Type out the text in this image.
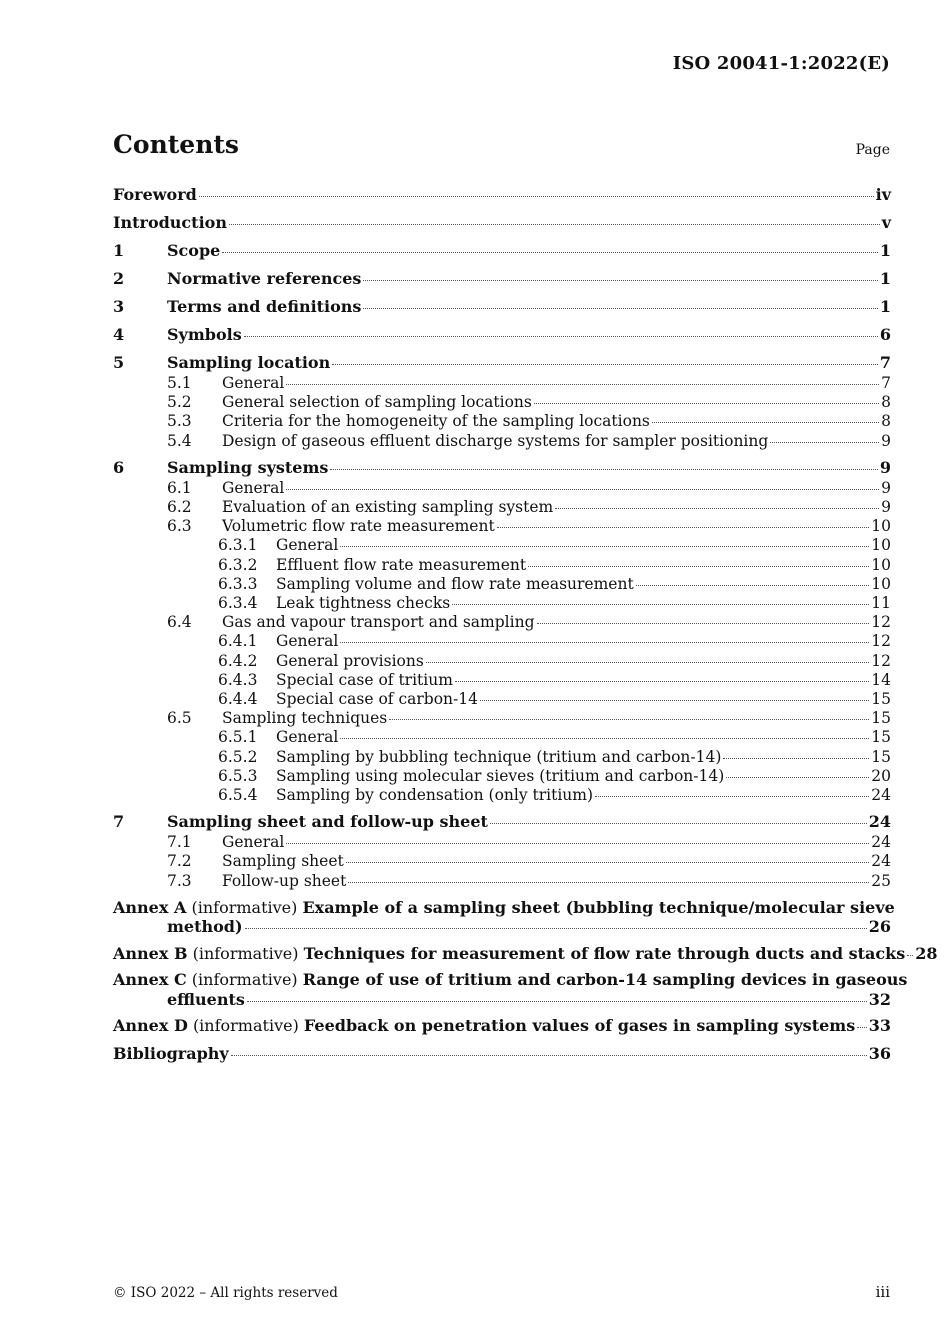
ISO 20041-1:2022(E)
Contents	Page
Foreword	iv
Introduction	v
1	Scope	1
2	Normative references	1
3	Terms and definitions	1
4	Symbols	6
5	Sampling location	7
5.1	General	7
5.2	General selection of sampling locations	8
5.3	Criteria for the homogeneity of the sampling locations	8
5.4	Design of gaseous effluent discharge systems for sampler positioning	9
6	Sampling systems	9
6.1	General	9
6.2	Evaluation of an existing sampling system	9
6.3	Volumetric flow rate measurement	10
6.3.1	General	10
6.3.2	Effluent flow rate measurement	10
6.3.3	Sampling volume and flow rate measurement	10
6.3.4	Leak tightness checks	11
6.4	Gas and vapour transport and sampling	12
6.4.1	General	12
6.4.2	General provisions	12
6.4.3	Special case of tritium	14
6.4.4	Special case of carbon-14	15
6.5	Sampling techniques	15
6.5.1	General	15
6.5.2	Sampling by bubbling technique (tritium and carbon-14)	15
6.5.3	Sampling using molecular sieves (tritium and carbon-14)	20
6.5.4	Sampling by condensation (only tritium)	24
7	Sampling sheet and follow-up sheet	24
7.1	General	24
7.2	Sampling sheet	24
7.3	Follow-up sheet	25
Annex A (informative) Example of a sampling sheet (bubbling technique/molecular sieve
method)	26
Annex B (informative) Techniques for measurement of flow rate through ducts and stacks 28
Annex C (informative) Range of use of tritium and carbon-14 sampling devices in gaseous
effluents	32
Annex D (informative) Feedback on penetration values of gases in sampling systems 33
Bibliography	36
© ISO 2022 – All rights reserved	iii
